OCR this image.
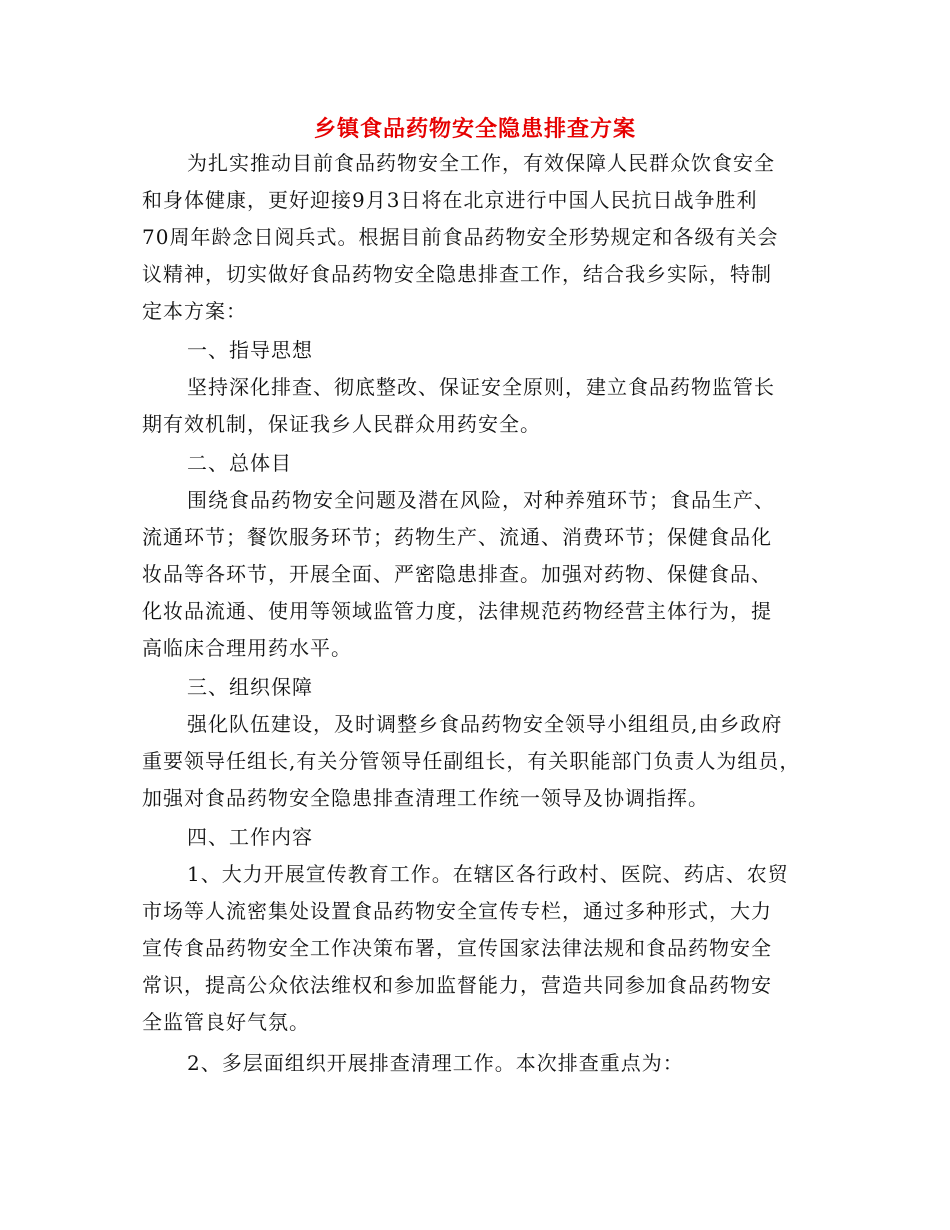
乡镇食品药物安全隐患排查方案

为扎实推动目前食品药物安全工作，有效保障人民群众饮食安全

和身体健康，更好迎接9月3日将在北京进行中国人民抗日战争胜利

70周年龄念日阅兵式。根据目前食品药物安全形势规定和各级有关会

议精神，切实做好食品药物安全隐患排查工作，结合我乡实际，特制

定本方案：

一、指导思想

坚持深化排查、彻底整改、保证安全原则，建立食品药物监管长

期有效机制，保证我乡人民群众用药安全。

二、总体目

围绕食品药物安全问题及潜在风险，对种养殖环节；食品生产、

流通环节；餐饮服务环节；药物生产、流通、消费环节；保健食品化

妆品等各环节，开展全面、严密隐患排查。加强对药物、保健食品、

化妆品流通、使用等领域监管力度，法律规范药物经营主体行为，提

高临床合理用药水平。

三、组织保障

强化队伍建设，及时调整乡食品药物安全领导小组组员,由乡政府

重要领导任组长,有关分管领导任副组长，有关职能部门负责人为组员，

加强对食品药物安全隐患排查清理工作统一领导及协调指挥。

四、工作内容

1、大力开展宣传教育工作。在辖区各行政村、医院、药店、农贸

市场等人流密集处设置食品药物安全宣传专栏，通过多种形式，大力

宣传食品药物安全工作决策布署，宣传国家法律法规和食品药物安全

常识，提高公众依法维权和参加监督能力，营造共同参加食品药物安

全监管良好气氛。

2、多层面组织开展排查清理工作。本次排查重点为：
